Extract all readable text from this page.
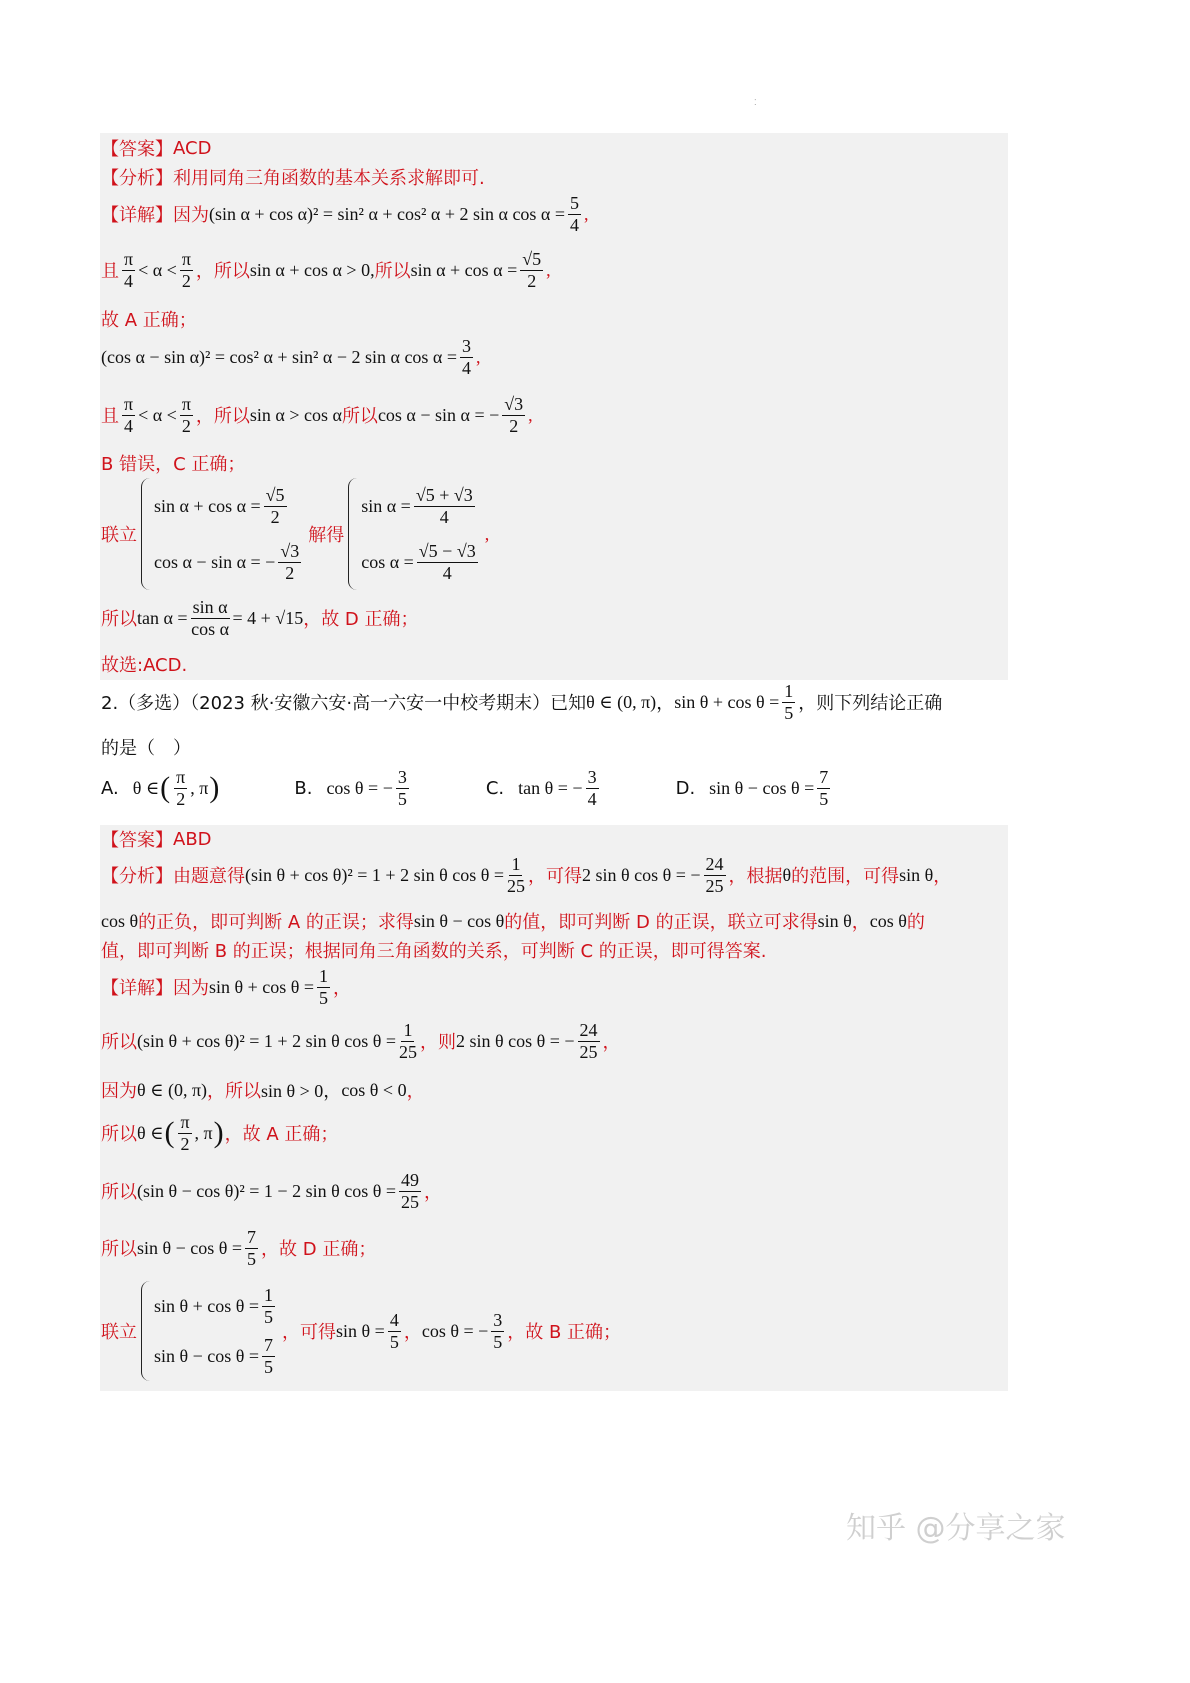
⁚
【答案】 ACD
【分析】 利用同角三角函数的基本关系求解即可.
【详解】 因为 (sin α + cos α)² = sin² α + cos² α + 2 sin α $\cos \alpha = \frac{5}{4}$ ,
且
π
4
< α <
π
2 ，所以 sin α + cos α > 0, 所以 $\sin \alpha + \cos \alpha = \frac{√5}{2}$ ,
故 A 正确；
(cos α − sin α)² = cos² α + sin² α − 2 sin α $\cos \alpha = \frac{3}{4}$ ,
且
π
4
< α <
π
2 ，所以 sin α > cos α 所以 cos α − sin α = − $\frac{√3}{2}$ ,
B 错误，C 正确；
联立
$\sin \alpha + \cos \alpha = \frac{√5}{2}$
cos α − sin α = − $\frac{√3}{2}$
解得
$\sin \alpha = \frac{√5 + √3}{4}$
$\cos \alpha = \frac{√5 - √3}{4}$
,
所以 $\tan \alpha = \frac{\text{sin α}}{\text{cos α}} = 4 + √15$ ，故 D 正确；
故选:ACD.
2.（多选）（2023 秋·安徽六安·高一六安一中校考期末）已知 θ ∈ (0, π) ， $\sin \theta + \cos \theta = \frac{1}{5}$ ，则下列结论正确
的是（　）
A. θ ∈ ( π
2
, π )	B. cos θ = − $\frac{3}{5}$	C. tan θ = − $\frac{3}{4}$	D. $\sin \theta - \cos \theta = \frac{7}{5}$
【答案】 ABD
【分析】 由题意得 (sin θ + cos θ)² = 1 + 2 sin θ $\cos \theta = \frac{1}{25}$ ，可得 2 sin θ cos θ = − $\frac{24}{25}$ ，根据 θ 的范围，可得 sin θ ，
cos θ 的正负，即可判断 A 的正误；求得 sin θ − cos θ 的值，即可判断 D 的正误，联立可求得 sin θ ， cos θ 的
值，即可判断 B 的正误；根据同角三角函数的关系，可判断 C 的正误，即可得答案.
【详解】 因为 $\sin \theta + \cos \theta = \frac{1}{5}$ ，
所以 (sin θ + cos θ)² = 1 + 2 sin θ $\cos \theta = \frac{1}{25}$ ，则 2 sin θ cos θ = − $\frac{24}{25}$ ，
因为 θ ∈ (0, π) ，所以 sin θ > 0， cos θ < 0 ，
所以 θ ∈ ( π
2
, π ) ，故 A 正确；
所以 (sin θ − cos θ)² = 1 − 2 sin θ $\cos \theta = \frac{49}{25}$ ，
所以 $\sin \theta - \cos \theta = \frac{7}{5}$ ，故 D 正确；
联立
$\sin \theta + \cos \theta = \frac{1}{5}$
$\sin \theta - \cos \theta = \frac{7}{5}$
，可得 $\sin \theta = \frac{4}{5}$ ， cos θ = − $\frac{3}{5}$ ，故 B 正确；
知乎 @分享之家
